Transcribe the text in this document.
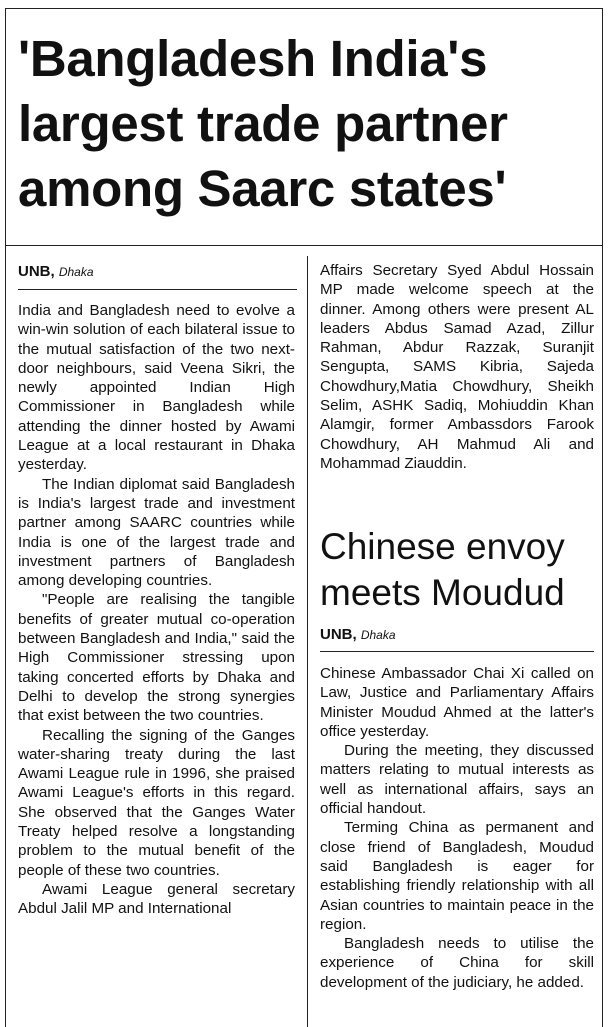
'Bangladesh India's largest trade partner among Saarc states'
UNB, Dhaka

India and Bangladesh need to evolve a win-win solution of each bilateral issue to the mutual satisfaction of the two next-door neighbours, said Veena Sikri, the newly appointed Indian High Commissioner in Bangladesh while attending the dinner hosted by Awami League at a local restaurant in Dhaka yesterday.

The Indian diplomat said Bangladesh is India's largest trade and investment partner among SAARC countries while India is one of the largest trade and investment partners of Bangladesh among developing countries.

"People are realising the tangible benefits of greater mutual co-operation between Bangladesh and India," said the High Commissioner stressing upon taking concerted efforts by Dhaka and Delhi to develop the strong synergies that exist between the two countries.

Recalling the signing of the Ganges water-sharing treaty during the last Awami League rule in 1996, she praised Awami League's efforts in this regard. She observed that the Ganges Water Treaty helped resolve a longstanding problem to the mutual benefit of the people of these two countries.

Awami League general secretary Abdul Jalil MP and International

Affairs Secretary Syed Abdul Hossain MP made welcome speech at the dinner. Among others were present AL leaders Abdus Samad Azad, Zillur Rahman, Abdur Razzak, Suranjit Sengupta, SAMS Kibria, Sajeda Chowdhury,Matia Chowdhury, Sheikh Selim, ASHK Sadiq, Mohiuddin Khan Alamgir, former Ambassdors Farook Chowdhury, AH Mahmud Ali and Mohammad Ziauddin.

Chinese envoy meets Moudud
UNB, Dhaka

Chinese Ambassador Chai Xi called on Law, Justice and Parliamentary Affairs Minister Moudud Ahmed at the latter's office yesterday.

During the meeting, they discussed matters relating to mutual interests as well as international affairs, says an official handout.

Terming China as permanent and close friend of Bangladesh, Moudud said Bangladesh is eager for establishing friendly relationship with all Asian countries to maintain peace in the region.

Bangladesh needs to utilise the experience of China for skill development of the judiciary, he added.
